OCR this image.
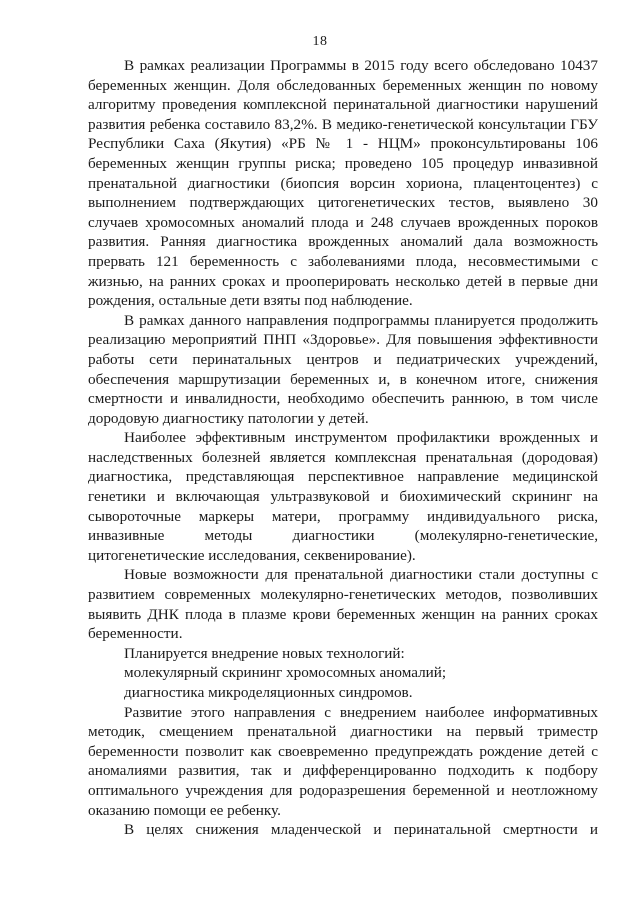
18

В рамках реализации Программы в 2015 году всего обследовано 10437 беременных женщин. Доля обследованных беременных женщин по новому алгоритму проведения комплексной перинатальной диагностики нарушений развития ребенка составило 83,2%. В медико-генетической консультации ГБУ Республики Саха (Якутия) «РБ № 1 - НЦМ» проконсультированы 106 беременных женщин группы риска; проведено 105 процедур инвазивной пренатальной диагностики (биопсия ворсин хориона, плацентоцентез) с выполнением подтверждающих цитогенетических тестов, выявлено 30 случаев хромосомных аномалий плода и 248 случаев врожденных пороков развития. Ранняя диагностика врожденных аномалий дала возможность прервать 121 беременность с заболеваниями плода, несовместимыми с жизнью, на ранних сроках и прооперировать несколько детей в первые дни рождения, остальные дети взяты под наблюдение.

В рамках данного направления подпрограммы планируется продолжить реализацию мероприятий ПНП «Здоровье». Для повышения эффективности работы сети перинатальных центров и педиатрических учреждений, обеспечения маршрутизации беременных и, в конечном итоге, снижения смертности и инвалидности, необходимо обеспечить раннюю, в том числе дородовую диагностику патологии у детей.

Наиболее эффективным инструментом профилактики врожденных и наследственных болезней является комплексная пренатальная (дородовая) диагностика, представляющая перспективное направление медицинской генетики и включающая ультразвуковой и биохимический скрининг на сывороточные маркеры матери, программу индивидуального риска, инвазивные методы диагностики (молекулярно-генетические, цитогенетические исследования, секвенирование).

Новые возможности для пренатальной диагностики стали доступны с развитием современных молекулярно-генетических методов, позволивших выявить ДНК плода в плазме крови беременных женщин на ранних сроках беременности.

Планируется внедрение новых технологий:

молекулярный скрининг хромосомных аномалий;

диагностика микроделяционных синдромов.

Развитие этого направления с внедрением наиболее информативных методик, смещением пренатальной диагностики на первый триместр беременности позволит как своевременно предупреждать рождение детей с аномалиями развития, так и дифференцированно подходить к подбору оптимального учреждения для родоразрешения беременной и неотложному оказанию помощи ее ребенку.

В целях снижения младенческой и перинатальной смертности и
